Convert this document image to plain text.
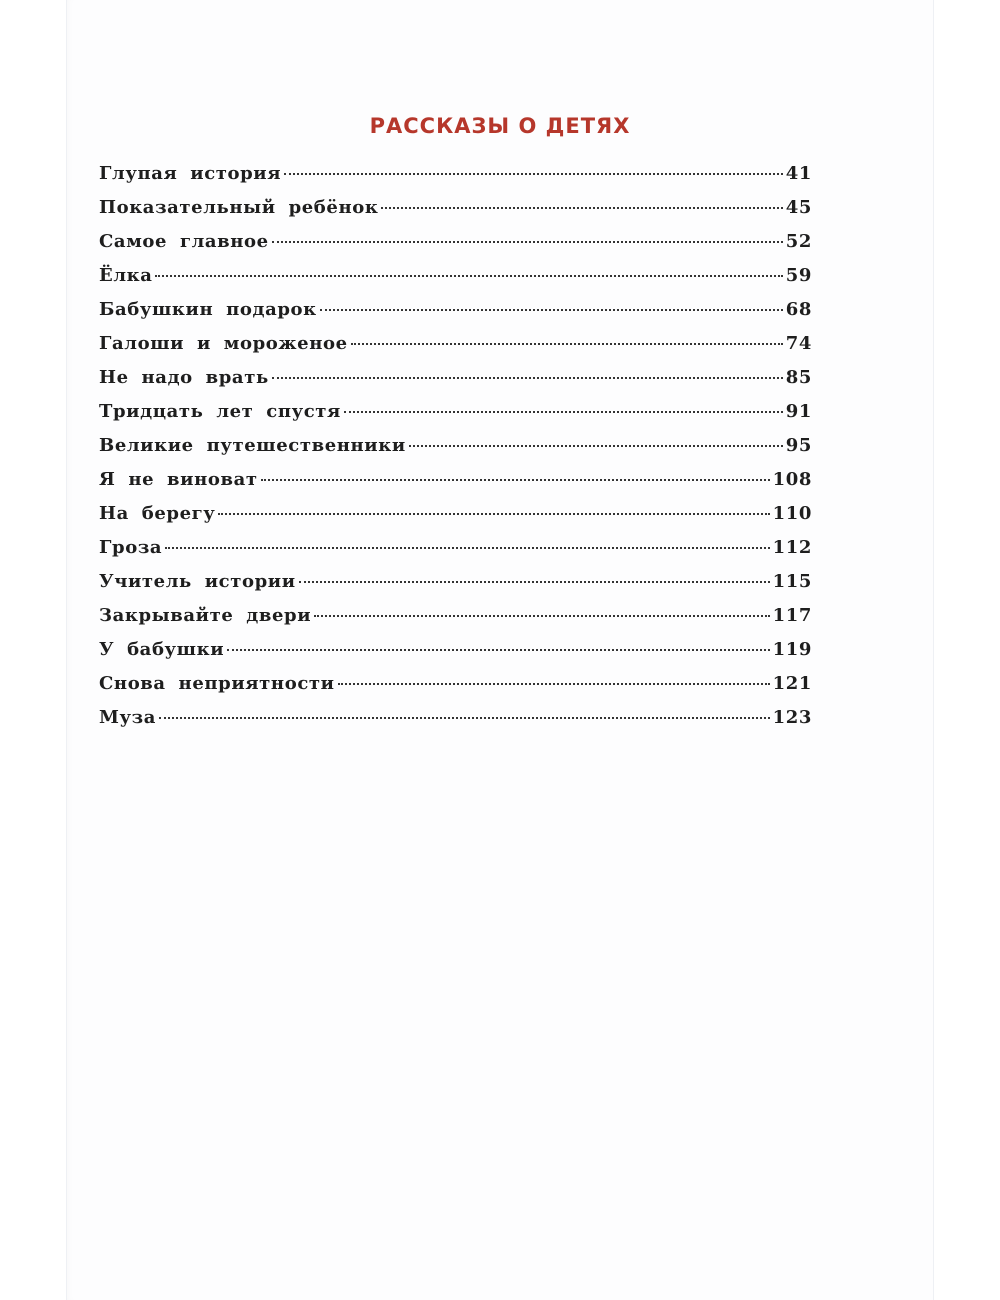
РАССКАЗЫ О ДЕТЯХ
Глупая история	41
Показательный ребёнок	45
Самое главное	52
Ёлка	59
Бабушкин подарок	68
Галоши и мороженое	74
Не надо врать	85
Тридцать лет спустя	91
Великие путешественники	95
Я не виноват	108
На берегу	110
Гроза	112
Учитель истории	115
Закрывайте двери	117
У бабушки	119
Снова неприятности	121
Муза	123
